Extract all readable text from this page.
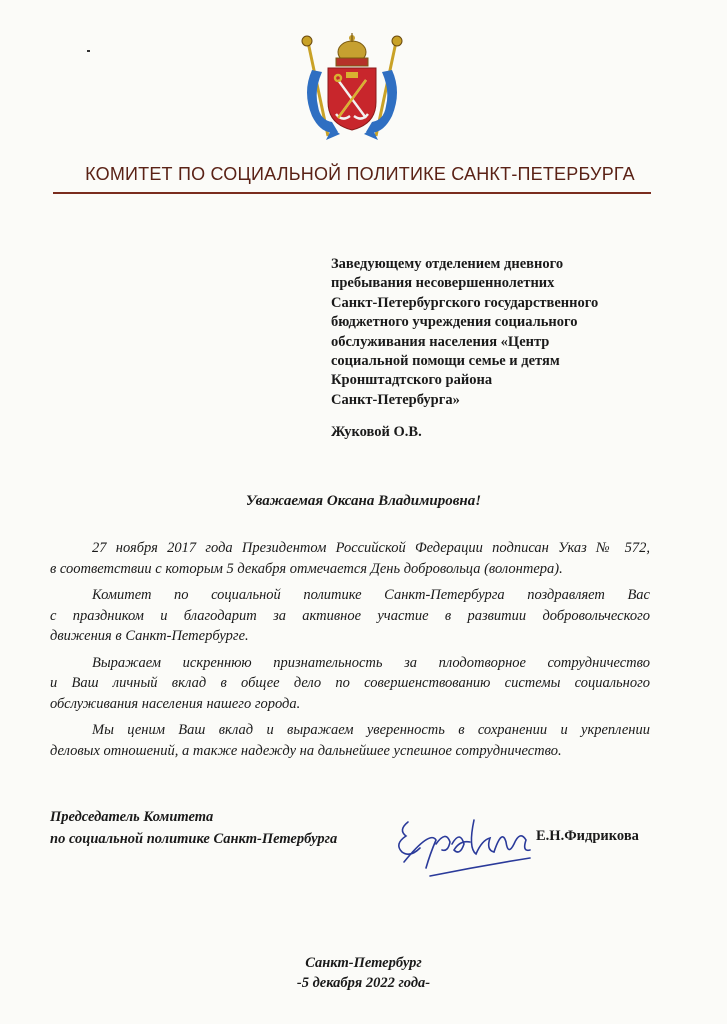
КОМИТЕТ ПО СОЦИАЛЬНОЙ ПОЛИТИКЕ САНКТ-ПЕТЕРБУРГА
Заведующему отделением дневного
пребывания несовершеннолетних
Санкт-Петербургского государственного
бюджетного учреждения социального
обслуживания населения «Центр
социальной помощи семье и детям
Кронштадтского района
Санкт-Петербурга»
Жуковой О.В.
Уважаемая Оксана Владимировна!

27 ноября 2017 года Президентом Российской Федерации подписан Указ № 572,
в соответствии с которым 5 декабря отмечается День добровольца (волонтера).

Комитет по социальной политике Санкт-Петербурга поздравляет Вас
с праздником и благодарит за активное участие в развитии добровольческого
движения в Санкт-Петербурге.

Выражаем искреннюю признательность за плодотворное сотрудничество
и Ваш личный вклад в общее дело по совершенствованию системы социального
обслуживания населения нашего города.

Мы ценим Ваш вклад и выражаем уверенность в сохранении и укреплении
деловых отношений, а также надежду на дальнейшее успешное сотрудничество.

Председатель Комитета
по социальной политике Санкт-Петербурга	Е.Н.Фидрикова
Санкт-Петербург
-5 декабря 2022 года-
